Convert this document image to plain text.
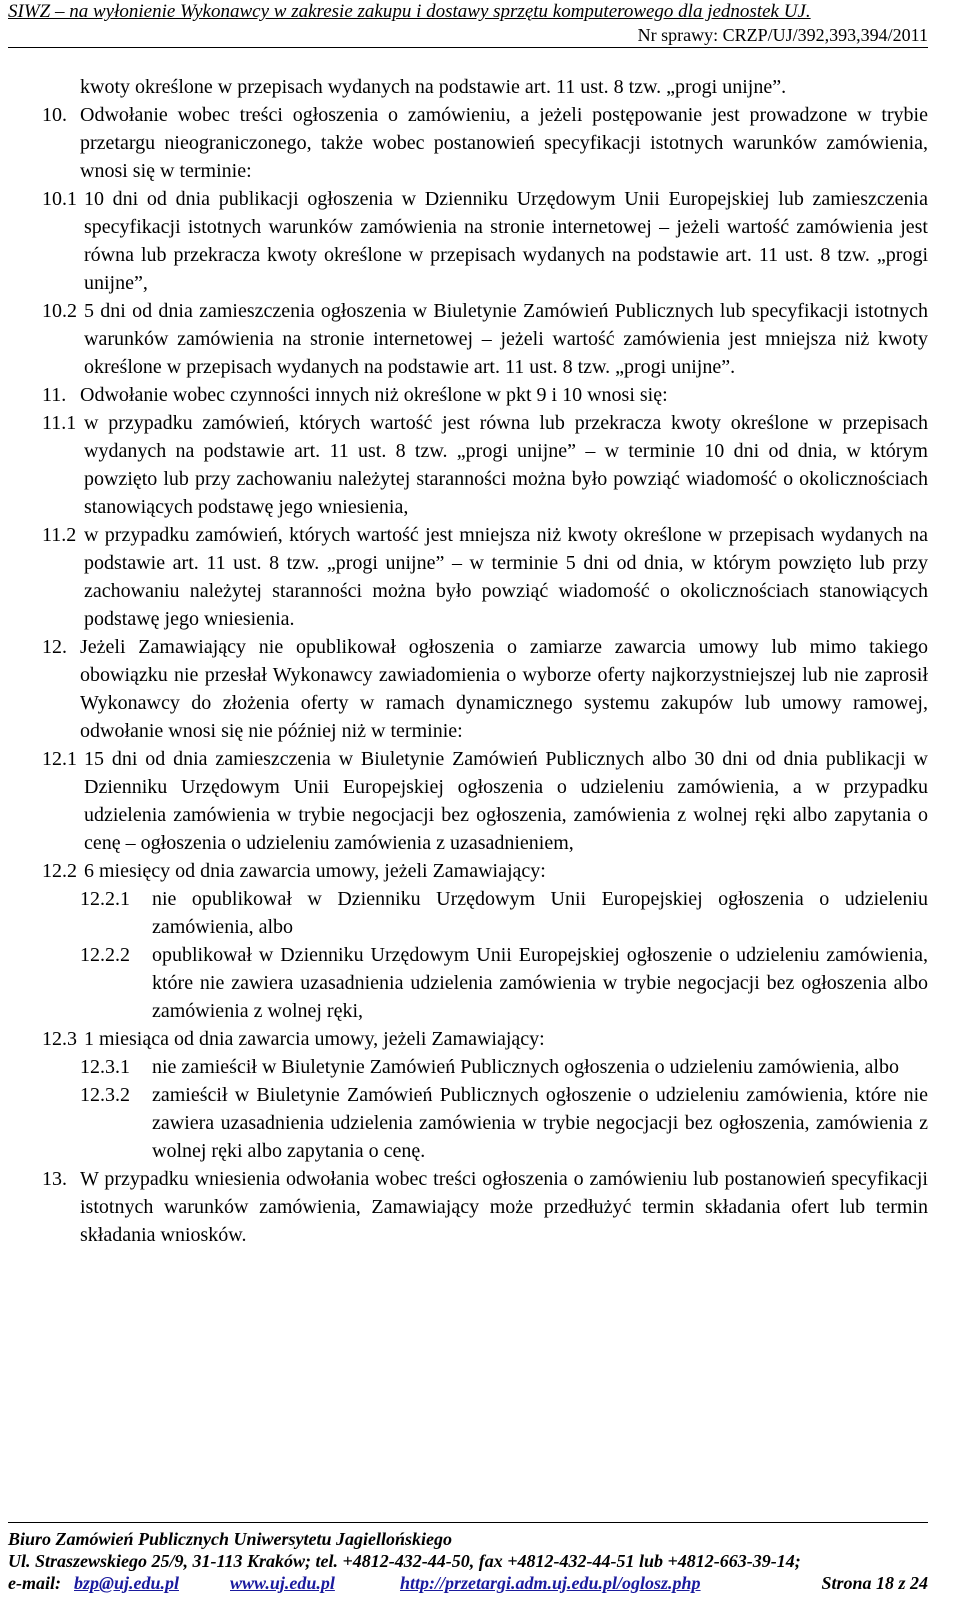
SIWZ – na wyłonienie Wykonawcy w zakresie zakupu i dostawy sprzętu komputerowego dla jednostek UJ.
Nr sprawy: CRZP/UJ/392,393,394/2011
kwoty określone w przepisach wydanych na podstawie art. 11 ust. 8 tzw. „progi unijne”.
10. Odwołanie wobec treści ogłoszenia o zamówieniu, a jeżeli postępowanie jest prowadzone w trybie przetargu nieograniczonego, także wobec postanowień specyfikacji istotnych warunków zamówienia, wnosi się w terminie:
10.1 10 dni od dnia publikacji ogłoszenia w Dzienniku Urzędowym Unii Europejskiej lub zamieszczenia specyfikacji istotnych warunków zamówienia na stronie internetowej – jeżeli wartość zamówienia jest równa lub przekracza kwoty określone w przepisach wydanych na podstawie art. 11 ust. 8 tzw. „progi unijne”,
10.2 5 dni od dnia zamieszczenia ogłoszenia w Biuletynie Zamówień Publicznych lub specyfikacji istotnych warunków zamówienia na stronie internetowej – jeżeli wartość zamówienia jest mniejsza niż kwoty określone w przepisach wydanych na podstawie art. 11 ust. 8 tzw. „progi unijne”.
11. Odwołanie wobec czynności innych niż określone w pkt 9 i 10 wnosi się:
11.1 w przypadku zamówień, których wartość jest równa lub przekracza kwoty określone w przepisach wydanych na podstawie art. 11 ust. 8 tzw. „progi unijne” – w terminie 10 dni od dnia, w którym powzięto lub przy zachowaniu należytej staranności można było powziąć wiadomość o okolicznościach stanowiących podstawę jego wniesienia,
11.2 w przypadku zamówień, których wartość jest mniejsza niż kwoty określone w przepisach wydanych na podstawie art. 11 ust. 8 tzw. „progi unijne” – w terminie 5 dni od dnia, w którym powzięto lub przy zachowaniu należytej staranności można było powziąć wiadomość o okolicznościach stanowiących podstawę jego wniesienia.
12. Jeżeli Zamawiający nie opublikował ogłoszenia o zamiarze zawarcia umowy lub mimo takiego obowiązku nie przesłał Wykonawcy zawiadomienia o wyborze oferty najkorzystniejszej lub nie zaprosił Wykonawcy do złożenia oferty w ramach dynamicznego systemu zakupów lub umowy ramowej, odwołanie wnosi się nie później niż w terminie:
12.1 15 dni od dnia zamieszczenia w Biuletynie Zamówień Publicznych albo 30 dni od dnia publikacji w Dzienniku Urzędowym Unii Europejskiej ogłoszenia o udzieleniu zamówienia, a w przypadku udzielenia zamówienia w trybie negocjacji bez ogłoszenia, zamówienia z wolnej ręki albo zapytania o cenę – ogłoszenia o udzieleniu zamówienia z uzasadnieniem,
12.2 6 miesięcy od dnia zawarcia umowy, jeżeli Zamawiający:
12.2.1 nie opublikował w Dzienniku Urzędowym Unii Europejskiej ogłoszenia o udzieleniu zamówienia, albo
12.2.2 opublikował w Dzienniku Urzędowym Unii Europejskiej ogłoszenie o udzieleniu zamówienia, które nie zawiera uzasadnienia udzielenia zamówienia w trybie negocjacji bez ogłoszenia albo zamówienia z wolnej ręki,
12.3 1 miesiąca od dnia zawarcia umowy, jeżeli Zamawiający:
12.3.1 nie zamieścił w Biuletynie Zamówień Publicznych ogłoszenia o udzieleniu zamówienia, albo
12.3.2 zamieścił w Biuletynie Zamówień Publicznych ogłoszenie o udzieleniu zamówienia, które nie zawiera uzasadnienia udzielenia zamówienia w trybie negocjacji bez ogłoszenia, zamówienia z wolnej ręki albo zapytania o cenę.
13. W przypadku wniesienia odwołania wobec treści ogłoszenia o zamówieniu lub postanowień specyfikacji istotnych warunków zamówienia, Zamawiający może przedłużyć termin składania ofert lub termin składania wniosków.
Biuro Zamówień Publicznych Uniwersytetu Jagiellońskiego
Ul. Straszewskiego 25/9, 31-113 Kraków; tel. +4812-432-44-50, fax +4812-432-44-51 lub +4812-663-39-14;
e-mail: bzp@uj.edu.pl	www.uj.edu.pl	http://przetargi.adm.uj.edu.pl/oglosz.php	Strona 18 z 24
